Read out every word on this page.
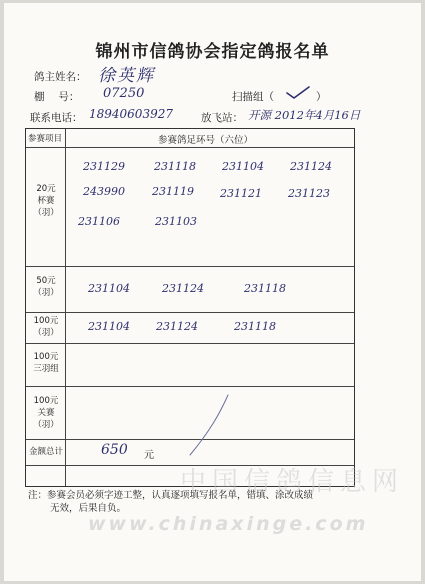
锦州市信鸽协会指定鸽报名单
鸽主姓名： 徐英辉
棚　 号： 07250	扫描组（	）
联系电话： 18940603927	放飞站： 开源 2012年4月16日
参赛项目	参赛鸽足环号（六位）
20元
杯赛
（羽）
231129	231118 231104 231124
243990 231119 231121 231123
231106	231103
50元
（羽）	231104	231124	231118
100元
（羽）	231104 231124	231118
100元
三羽组
100元
关赛
（羽）
金额总计	650 元
中国信鸽信息网
注：参赛会员必须字迹工整，认真逐项填写报名单，错填、涂改成绩
无效，后果自负。
www.chinaxinge.com
